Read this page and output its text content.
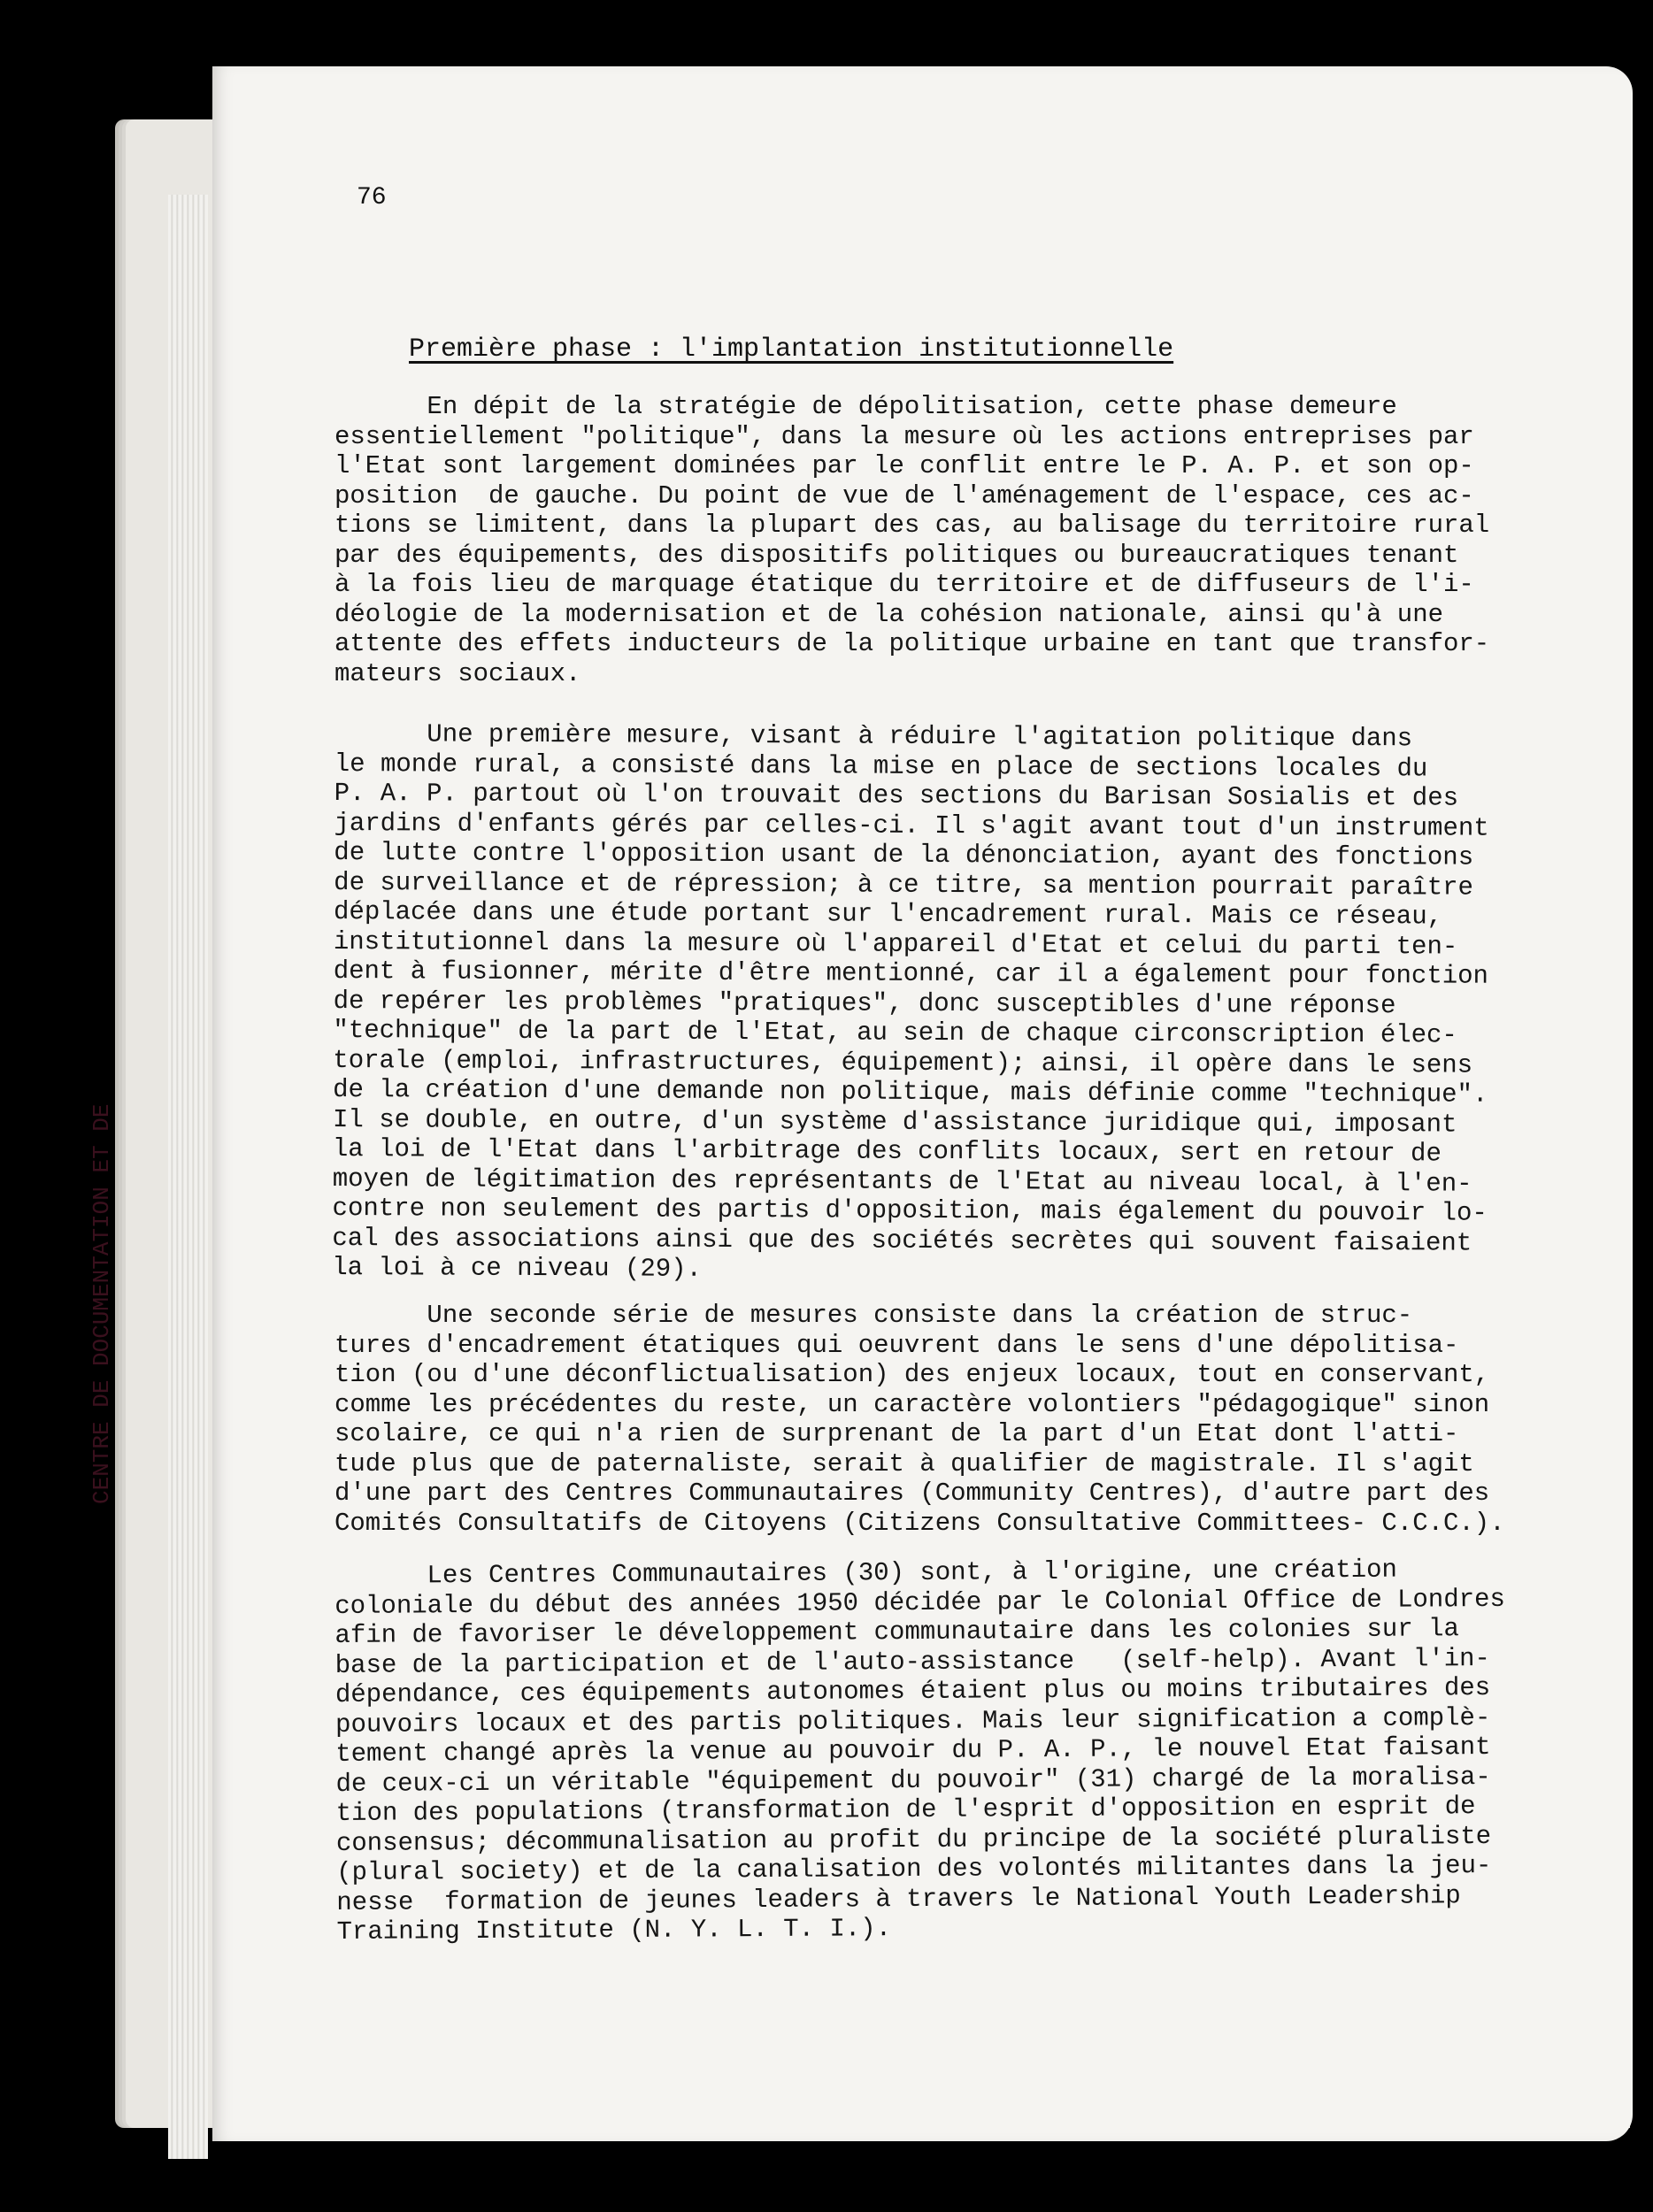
CENTRE DE DOCUMENTATION ET DE
76
Première phase : l'implantation institutionnelle
En dépit de la stratégie de dépolitisation, cette phase demeure
essentiellement "politique", dans la mesure où les actions entreprises par
l'Etat sont largement dominées par le conflit entre le P. A. P. et son op-
position  de gauche. Du point de vue de l'aménagement de l'espace, ces ac-
tions se limitent, dans la plupart des cas, au balisage du territoire rural
par des équipements, des dispositifs politiques ou bureaucratiques tenant
à la fois lieu de marquage étatique du territoire et de diffuseurs de l'i-
déologie de la modernisation et de la cohésion nationale, ainsi qu'à une
attente des effets inducteurs de la politique urbaine en tant que transfor-
mateurs sociaux.
Une première mesure, visant à réduire l'agitation politique dans
le monde rural, a consisté dans la mise en place de sections locales du
P. A. P. partout où l'on trouvait des sections du Barisan Sosialis et des
jardins d'enfants gérés par celles-ci. Il s'agit avant tout d'un instrument
de lutte contre l'opposition usant de la dénonciation, ayant des fonctions
de surveillance et de répression; à ce titre, sa mention pourrait paraître
déplacée dans une étude portant sur l'encadrement rural. Mais ce réseau,
institutionnel dans la mesure où l'appareil d'Etat et celui du parti ten-
dent à fusionner, mérite d'être mentionné, car il a également pour fonction
de repérer les problèmes "pratiques", donc susceptibles d'une réponse
"technique" de la part de l'Etat, au sein de chaque circonscription élec-
torale (emploi, infrastructures, équipement); ainsi, il opère dans le sens
de la création d'une demande non politique, mais définie comme "technique".
Il se double, en outre, d'un système d'assistance juridique qui, imposant
la loi de l'Etat dans l'arbitrage des conflits locaux, sert en retour de
moyen de légitimation des représentants de l'Etat au niveau local, à l'en-
contre non seulement des partis d'opposition, mais également du pouvoir lo-
cal des associations ainsi que des sociétés secrètes qui souvent faisaient
la loi à ce niveau (29).
Une seconde série de mesures consiste dans la création de struc-
tures d'encadrement étatiques qui oeuvrent dans le sens d'une dépolitisa-
tion (ou d'une déconflictualisation) des enjeux locaux, tout en conservant,
comme les précédentes du reste, un caractère volontiers "pédagogique" sinon
scolaire, ce qui n'a rien de surprenant de la part d'un Etat dont l'atti-
tude plus que de paternaliste, serait à qualifier de magistrale. Il s'agit
d'une part des Centres Communautaires (Community Centres), d'autre part des
Comités Consultatifs de Citoyens (Citizens Consultative Committees- C.C.C.).
Les Centres Communautaires (30) sont, à l'origine, une création
coloniale du début des années 1950 décidée par le Colonial Office de Londres
afin de favoriser le développement communautaire dans les colonies sur la
base de la participation et de l'auto-assistance   (self-help). Avant l'in-
dépendance, ces équipements autonomes étaient plus ou moins tributaires des
pouvoirs locaux et des partis politiques. Mais leur signification a complè-
tement changé après la venue au pouvoir du P. A. P., le nouvel Etat faisant
de ceux-ci un véritable "équipement du pouvoir" (31) chargé de la moralisa-
tion des populations (transformation de l'esprit d'opposition en esprit de
consensus; décommunalisation au profit du principe de la société pluraliste
(plural society) et de la canalisation des volontés militantes dans la jeu-
nesse  formation de jeunes leaders à travers le National Youth Leadership
Training Institute (N. Y. L. T. I.).
